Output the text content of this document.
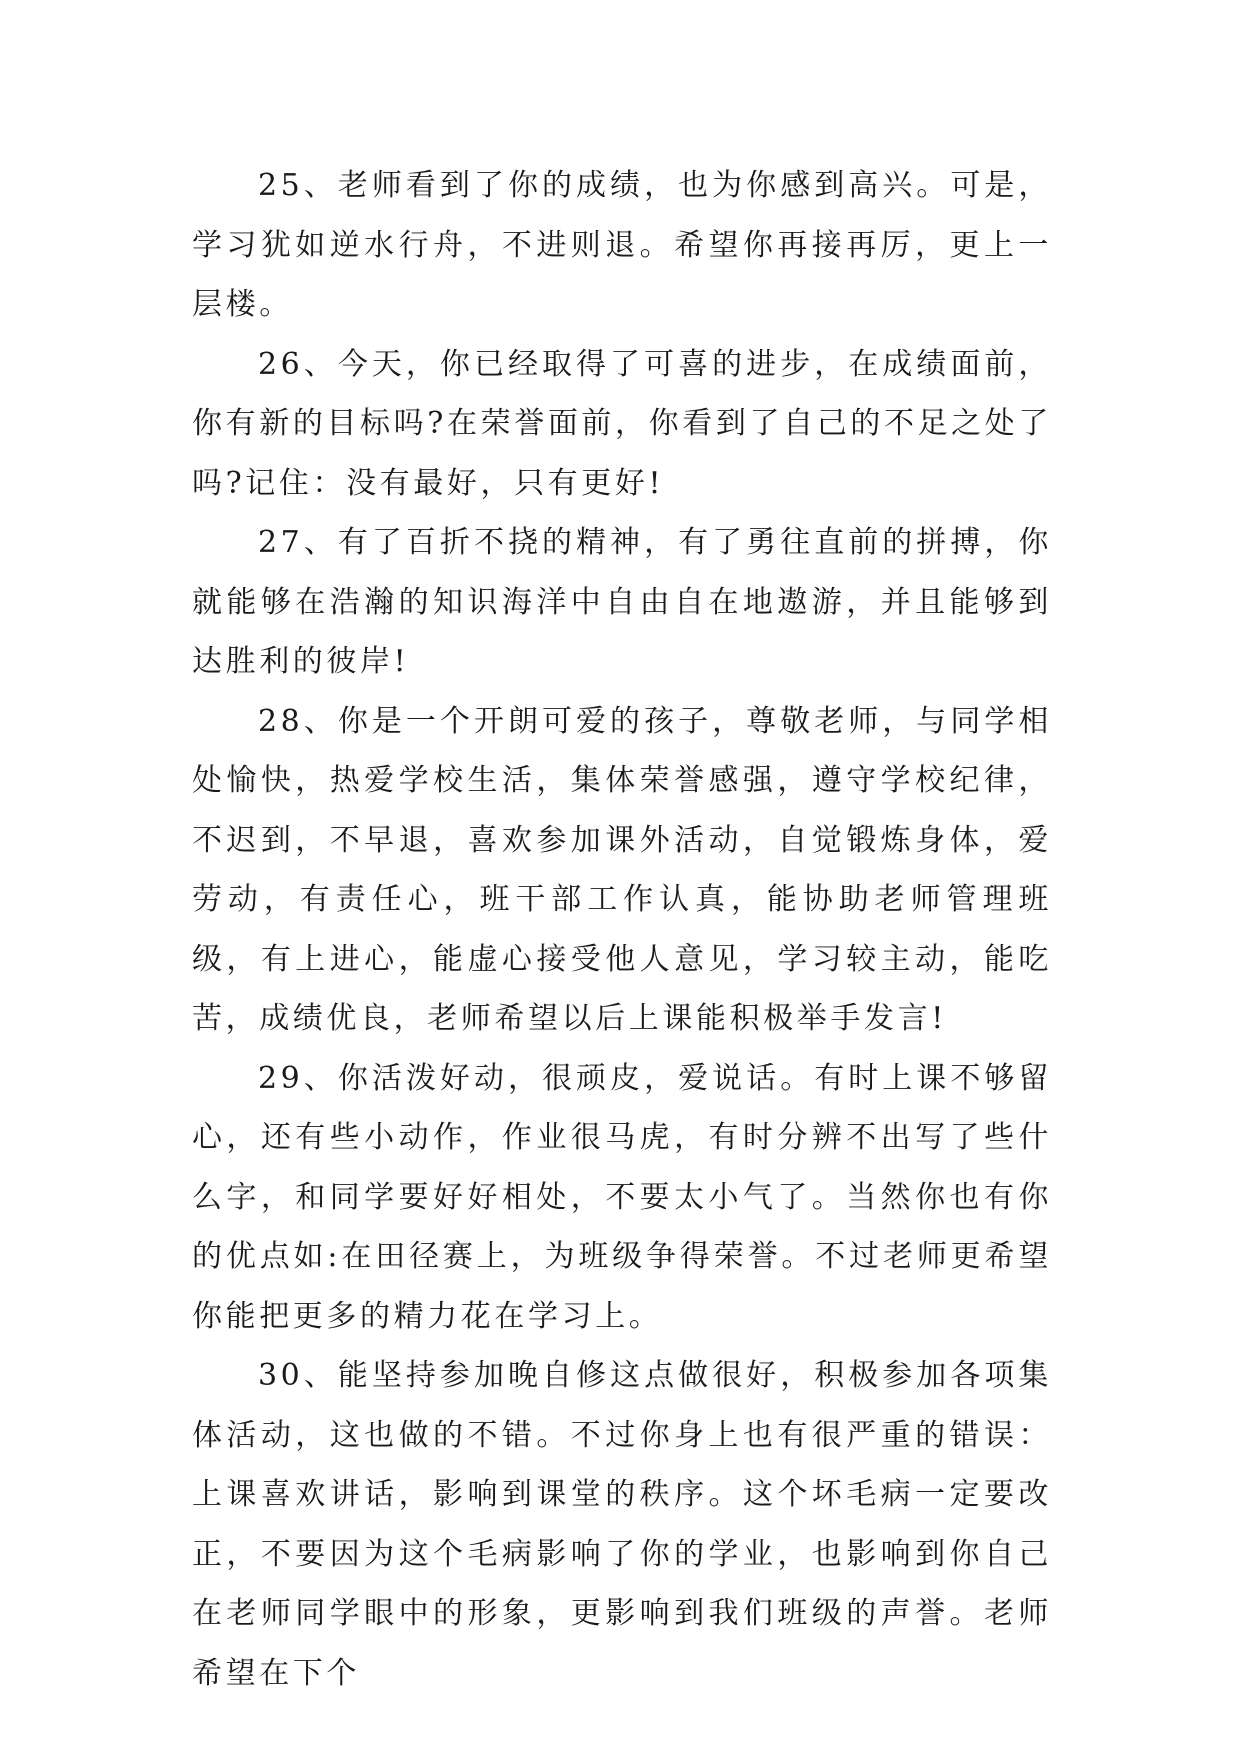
25、老师看到了你的成绩，也为你感到高兴。可是，学习犹如逆水行舟，不进则退。希望你再接再厉，更上一层楼。

26、今天，你已经取得了可喜的进步，在成绩面前，你有新的目标吗?在荣誉面前，你看到了自己的不足之处了吗?记住：没有最好，只有更好!

27、有了百折不挠的精神，有了勇往直前的拼搏，你就能够在浩瀚的知识海洋中自由自在地遨游，并且能够到达胜利的彼岸!

28、你是一个开朗可爱的孩子，尊敬老师，与同学相处愉快，热爱学校生活，集体荣誉感强，遵守学校纪律，不迟到，不早退，喜欢参加课外活动，自觉锻炼身体，爱劳动，有责任心，班干部工作认真，能协助老师管理班级，有上进心，能虚心接受他人意见，学习较主动，能吃苦，成绩优良，老师希望以后上课能积极举手发言!

29、你活泼好动，很顽皮，爱说话。有时上课不够留心，还有些小动作，作业很马虎，有时分辨不出写了些什么字，和同学要好好相处，不要太小气了。当然你也有你的优点如:在田径赛上，为班级争得荣誉。不过老师更希望你能把更多的精力花在学习上。

30、能坚持参加晚自修这点做很好，积极参加各项集体活动，这也做的不错。不过你身上也有很严重的错误：上课喜欢讲话，影响到课堂的秩序。这个坏毛病一定要改正，不要因为这个毛病影响了你的学业，也影响到你自己在老师同学眼中的形象，更影响到我们班级的声誉。老师希望在下个
